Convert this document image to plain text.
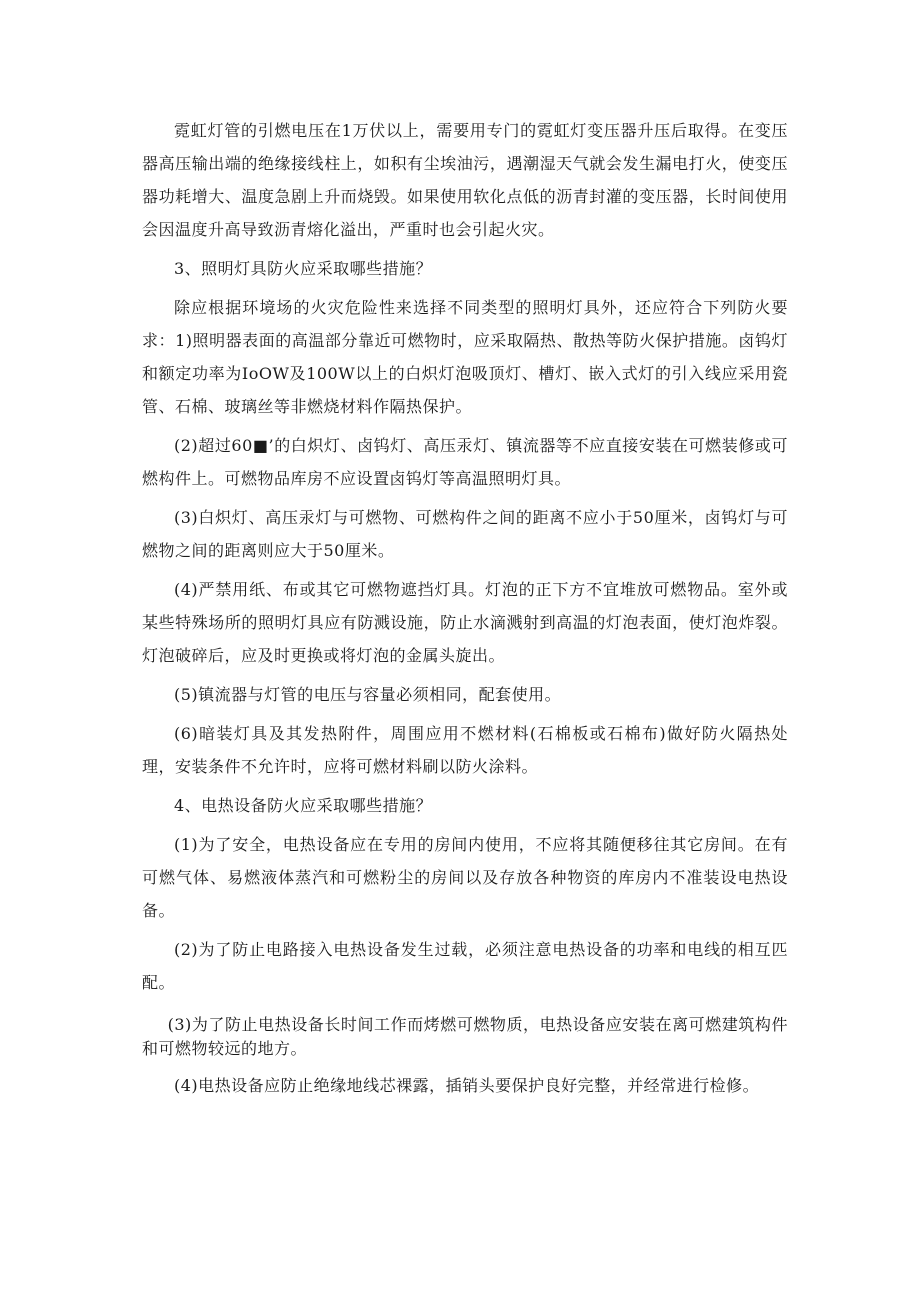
霓虹灯管的引燃电压在1万伏以上，需要用专门的霓虹灯变压器升压后取得。在变压器高压输出端的绝缘接线柱上，如积有尘埃油污，遇潮湿天气就会发生漏电打火，使变压器功耗增大、温度急剧上升而烧毁。如果使用软化点低的沥青封灌的变压器，长时间使用会因温度升高导致沥青熔化溢出，严重时也会引起火灾。

3、照明灯具防火应采取哪些措施？

除应根据环境场的火灾危险性来选择不同类型的照明灯具外，还应符合下列防火要求：1)照明器表面的高温部分靠近可燃物时，应采取隔热、散热等防火保护措施。卤钨灯和额定功率为IoOW及100W以上的白炽灯泡吸顶灯、槽灯、嵌入式灯的引入线应采用瓷管、石棉、玻璃丝等非燃烧材料作隔热保护。

(2)超过60■’的白炽灯、卤钨灯、高压汞灯、镇流器等不应直接安装在可燃装修或可燃构件上。可燃物品库房不应设置卤钨灯等高温照明灯具。

(3)白炽灯、高压汞灯与可燃物、可燃构件之间的距离不应小于50厘米，卤钨灯与可燃物之间的距离则应大于50厘米。

(4)严禁用纸、布或其它可燃物遮挡灯具。灯泡的正下方不宜堆放可燃物品。室外或某些特殊场所的照明灯具应有防溅设施，防止水滴溅射到高温的灯泡表面，使灯泡炸裂。灯泡破碎后，应及时更换或将灯泡的金属头旋出。

(5)镇流器与灯管的电压与容量必须相同，配套使用。

(6)暗装灯具及其发热附件，周围应用不燃材料(石棉板或石棉布)做好防火隔热处理，安装条件不允许时，应将可燃材料刷以防火涂料。

4、电热设备防火应采取哪些措施？

(1)为了安全，电热设备应在专用的房间内使用，不应将其随便移往其它房间。在有可燃气体、易燃液体蒸汽和可燃粉尘的房间以及存放各种物资的库房内不准装设电热设备。

(2)为了防止电路接入电热设备发生过载，必须注意电热设备的功率和电线的相互匹配。

(3)为了防止电热设备长时间工作而烤燃可燃物质，电热设备应安装在离可燃建筑构件和可燃物较远的地方。

(4)电热设备应防止绝缘地线芯裸露，插销头要保护良好完整，并经常进行检修。
